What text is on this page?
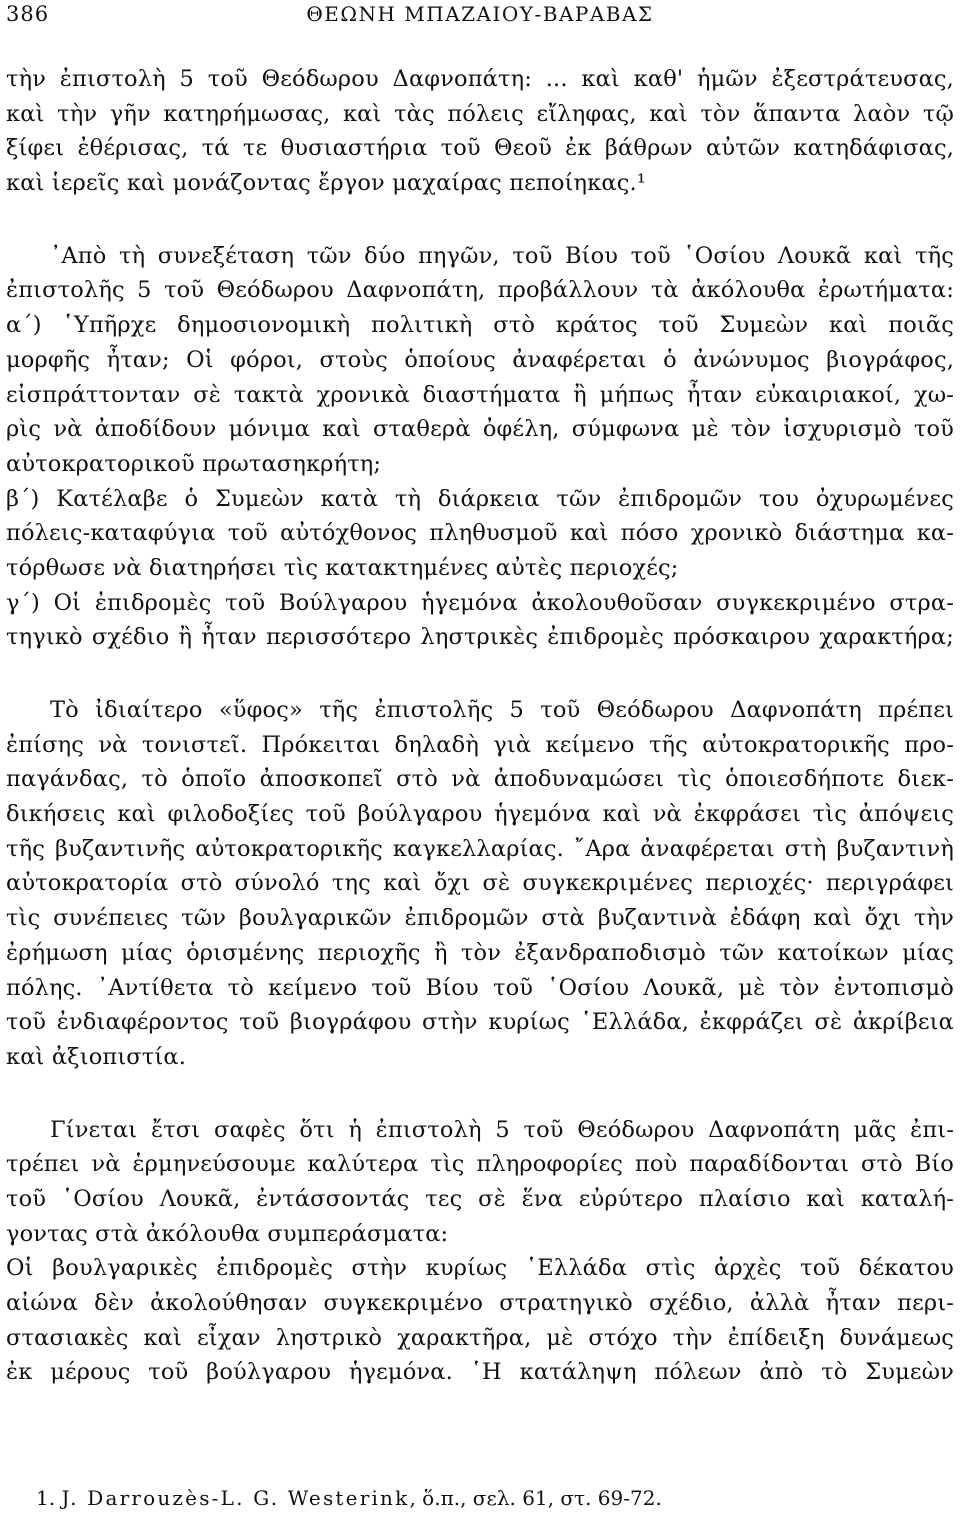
386	ΘΕΩΝΗ ΜΠΑΖΑΙΟΥ-ΒΑΡΑΒΑΣ
τὴν ἐπιστολὴ 5 τοῦ Θεόδωρου Δαφνοπάτη: ... καὶ καθ' ἡμῶν ἐξεστράτευσας,
καὶ τὴν γῆν κατηρήμωσας, καὶ τὰς πόλεις εἴληφας, καὶ τὸν ἅπαντα λαὸν τῷ
ξίφει ἐθέρισας, τά τε θυσιαστήρια τοῦ Θεοῦ ἐκ βάθρων αὐτῶν κατηδάφισας,
καὶ ἱερεῖς καὶ μονάζοντας ἔργον μαχαίρας πεποίηκας.¹
᾿Απὸ τὴ συνεξέταση τῶν δύο πηγῶν, τοῦ Βίου τοῦ ῾Οσίου Λουκᾶ καὶ τῆς
ἐπιστολῆς 5 τοῦ Θεόδωρου Δαφνοπάτη, προβάλλουν τὰ ἀκόλουθα ἐρωτήματα:
α΄) ῾Υπῆρχε δημοσιονομικὴ πολιτικὴ στὸ κράτος τοῦ Συμεὼν καὶ ποιᾶς
μορφῆς ἦταν; Οἱ φόροι, στοὺς ὁποίους ἀναφέρεται ὁ ἀνώνυμος βιογράφος,
εἰσπράττονταν σὲ τακτὰ χρονικὰ διαστήματα ἢ μήπως ἦταν εὐκαιριακοί, χω-
ρὶς νὰ ἀποδίδουν μόνιμα καὶ σταθερὰ ὀφέλη, σύμφωνα μὲ τὸν ἰσχυρισμὸ τοῦ
αὐτοκρατορικοῦ πρωτασηκρήτη;
β΄) Κατέλαβε ὁ Συμεὼν κατὰ τὴ διάρκεια τῶν ἐπιδρομῶν του ὀχυρωμένες
πόλεις-καταφύγια τοῦ αὐτόχθονος πληθυσμοῦ καὶ πόσο χρονικὸ διάστημα κα-
τόρθωσε νὰ διατηρήσει τὶς κατακτημένες αὐτὲς περιοχές;
γ΄) Οἱ ἐπιδρομὲς τοῦ Βούλγαρου ἡγεμόνα ἀκολουθοῦσαν συγκεκριμένο στρα-
τηγικὸ σχέδιο ἢ ἦταν περισσότερο ληστρικὲς ἐπιδρομὲς πρόσκαιρου χαρακτήρα;
Τὸ ἰδιαίτερο «ὕφος» τῆς ἐπιστολῆς 5 τοῦ Θεόδωρου Δαφνοπάτη πρέπει
ἐπίσης νὰ τονιστεῖ. Πρόκειται δηλαδὴ γιὰ κείμενο τῆς αὐτοκρατορικῆς προ-
παγάνδας, τὸ ὁποῖο ἀποσκοπεῖ στὸ νὰ ἀποδυναμώσει τὶς ὁποιεσδήποτε διεκ-
δικήσεις καὶ φιλοδοξίες τοῦ βούλγαρου ἡγεμόνα καὶ νὰ ἐκφράσει τὶς ἀπόψεις
τῆς βυζαντινῆς αὐτοκρατορικῆς καγκελλαρίας. ῎Αρα ἀναφέρεται στὴ βυζαντινὴ
αὐτοκρατορία στὸ σύνολό της καὶ ὄχι σὲ συγκεκριμένες περιοχές· περιγράφει
τὶς συνέπειες τῶν βουλγαρικῶν ἐπιδρομῶν στὰ βυζαντινὰ ἐδάφη καὶ ὄχι τὴν
ἐρήμωση μίας ὁρισμένης περιοχῆς ἢ τὸν ἐξανδραποδισμὸ τῶν κατοίκων μίας
πόλης. ᾿Αντίθετα τὸ κείμενο τοῦ Βίου τοῦ ῾Οσίου Λουκᾶ, μὲ τὸν ἐντοπισμὸ
τοῦ ἐνδιαφέροντος τοῦ βιογράφου στὴν κυρίως ῾Ελλάδα, ἐκφράζει σὲ ἀκρίβεια
καὶ ἀξιοπιστία.
Γίνεται ἔτσι σαφὲς ὅτι ἡ ἐπιστολὴ 5 τοῦ Θεόδωρου Δαφνοπάτη μᾶς ἐπι-
τρέπει νὰ ἑρμηνεύσουμε καλύτερα τὶς πληροφορίες ποὺ παραδίδονται στὸ Βίο
τοῦ ῾Οσίου Λουκᾶ, ἐντάσσοντάς τες σὲ ἕνα εὐρύτερο πλαίσιο καὶ καταλή-
γοντας στὰ ἀκόλουθα συμπεράσματα:
Οἱ βουλγαρικὲς ἐπιδρομὲς στὴν κυρίως ῾Ελλάδα στὶς ἀρχὲς τοῦ δέκατου
αἰώνα δὲν ἀκολούθησαν συγκεκριμένο στρατηγικὸ σχέδιο, ἀλλὰ ἦταν περι-
στασιακὲς καὶ εἶχαν ληστρικὸ χαρακτῆρα, μὲ στόχο τὴν ἐπίδειξη δυνάμεως
ἐκ μέρους τοῦ βούλγαρου ἡγεμόνα. ῾Η κατάληψη πόλεων ἀπὸ τὸ Συμεὼν
1. J. Darrouzès-L. G. Westerink, ὅ.π., σελ. 61, στ. 69-72.
